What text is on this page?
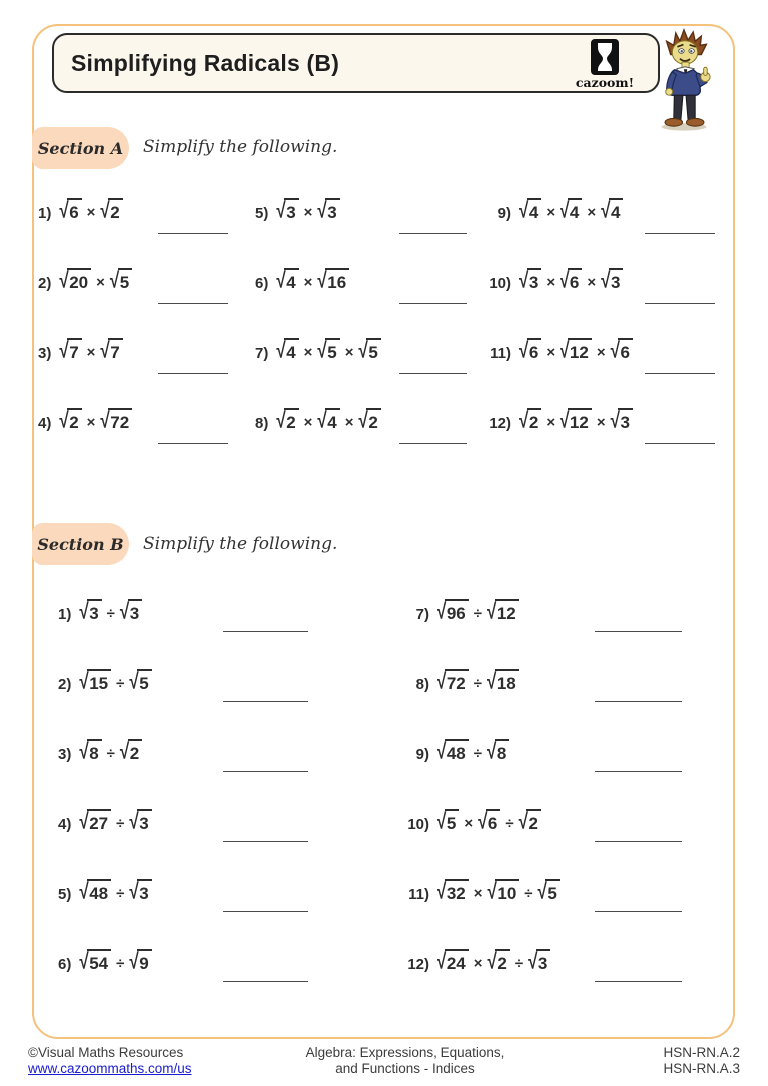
Simplifying Radicals (B)
cazoom!
Section A Simplify the following.
1) √6 × √2
2) √20 × √5
3) √7 × √7
4) √2 × √72
5) √3 × √3
6) √4 × √16
7) √4 × √5 × √5
8) √2 × √4 × √2
9) √4 × √4 × √4
10) √3 × √6 × √3
11) √6 × √12 × √6
12) √2 × √12 × √3
Section B Simplify the following.
1) √3 ÷ √3
2) √15 ÷ √5
3) √8 ÷ √2
4) √27 ÷ √3
5) √48 ÷ √3
6) √54 ÷ √9
7) √96 ÷ √12
8) √72 ÷ √18
9) √48 ÷ √8
10) √5 × √6 ÷ √2
11) √32 × √10 ÷ √5
12) √24 × √2 ÷ √3
©Visual Maths Resources
www.cazoommaths.com/us
Algebra: Expressions, Equations,
and Functions - Indices
HSN-RN.A.2
HSN-RN.A.3
